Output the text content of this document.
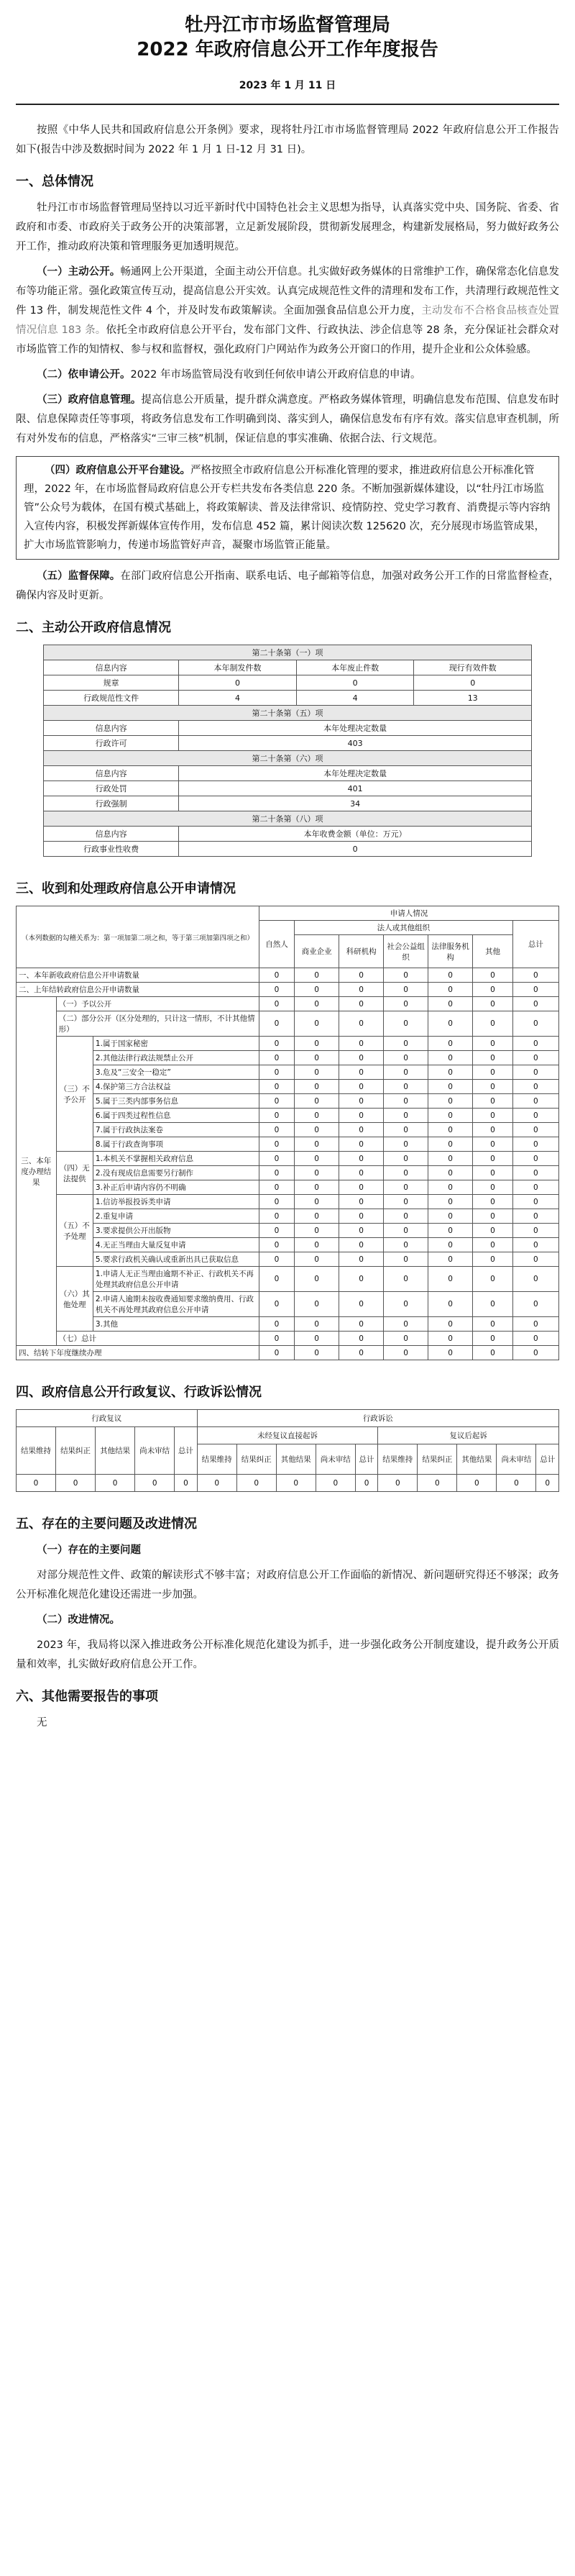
牡丹江市市场监督管理局
2022 年政府信息公开工作年度报告
2023 年 1 月 11 日

按照《中华人民共和国政府信息公开条例》要求，现将牡丹江市市场监督管理局 2022 年政府信息公开工作报告如下(报告中涉及数据时间为 2022 年 1 月 1 日-12 月 31 日)。

一、总体情况

牡丹江市市场监督管理局坚持以习近平新时代中国特色社会主义思想为指导，认真落实党中央、国务院、省委、省政府和市委、市政府关于政务公开的决策部署，立足新发展阶段，贯彻新发展理念，构建新发展格局，努力做好政务公开工作，推动政府决策和管理服务更加透明规范。

（一）主动公开。畅通网上公开渠道，全面主动公开信息。扎实做好政务媒体的日常维护工作，确保常态化信息发布等功能正常。强化政策宣传互动，提高信息公开实效。认真完成规范性文件的清理和发布工作，共清理行政规范性文件 13 件，制发规范性文件 4 个，并及时发布政策解读。全面加强食品信息公开力度，主动发布不合格食品核查处置情况信息 183 条。依托全市政府信息公开平台，发布部门文件、行政执法、涉企信息等 28 条，充分保证社会群众对市场监管工作的知情权、参与权和监督权，强化政府门户网站作为政务公开窗口的作用，提升企业和公众体验感。

（二）依申请公开。2022 年市场监管局没有收到任何依申请公开政府信息的申请。

（三）政府信息管理。提高信息公开质量，提升群众满意度。严格政务媒体管理，明确信息发布范围、信息发布时限、信息保障责任等事项，将政务信息发布工作明确到岗、落实到人，确保信息发布有序有效。落实信息审查机制，所有对外发布的信息，严格落实“三审三核”机制，保证信息的事实准确、依据合法、行文规范。

（四）政府信息公开平台建设。严格按照全市政府信息公开标准化管理的要求，推进政府信息公开标准化管理，2022 年，在市场监督局政府信息公开专栏共发布各类信息 220 条。不断加强新媒体建设，以“牡丹江市场监管”公众号为载体，在国有模式基础上，将政策解读、普及法律常识、疫情防控、党史学习教育、消费提示等内容纳入宣传内容，积极发挥新媒体宣传作用，发布信息 452 篇，累计阅读次数 125620 次，充分展现市场监管成果，扩大市场监管影响力，传递市场监管好声音，凝聚市场监管正能量。

（五）监督保障。在部门政府信息公开指南、联系电话、电子邮箱等信息，加强对政务公开工作的日常监督检查，确保内容及时更新。

二、主动公开政府信息情况
第二十条第（一）项			
信息内容	本年制发件数	本年废止件数	现行有效件数
规章	0	0	0
行政规范性文件	4	4	13
第二十条第（五）项			
信息内容	本年处理决定数量		
行政许可	403		
第二十条第（六）项			
信息内容	本年处理决定数量		
行政处罚	401		
行政强制	34		
第二十条第（八）项			
信息内容	本年收费金额（单位：万元）		
行政事业性收费	0		
三、收到和处理政府信息公开申请情况
（本列数据的勾稽关系为：第一项加第二项之和，等于第三项加第四项之和）			申请人情况						
			自然人	法人或其他组织					总计
				商业企业	科研机构	社会公益组织	法律服务机构	其他	
一、本年新收政府信息公开申请数量			0	0	0	0	0	0	0
二、上年结转政府信息公开申请数量			0	0	0	0	0	0	0
三、本年度办理结果	（一）予以公开		0	0	0	0	0	0	0
	（二）部分公开（区分处理的，只计这一情形，不计其他情形）		0	0	0	0	0	0	0
	（三）不予公开	1.属于国家秘密	0	0	0	0	0	0	0
		2.其他法律行政法规禁止公开	0	0	0	0	0	0	0
		3.危及“三安全一稳定”	0	0	0	0	0	0	0
		4.保护第三方合法权益	0	0	0	0	0	0	0
		5.属于三类内部事务信息	0	0	0	0	0	0	0
		6.属于四类过程性信息	0	0	0	0	0	0	0
		7.属于行政执法案卷	0	0	0	0	0	0	0
		8.属于行政查询事项	0	0	0	0	0	0	0
	（四）无法提供	1.本机关不掌握相关政府信息	0	0	0	0	0	0	0
		2.没有现成信息需要另行制作	0	0	0	0	0	0	0
		3.补正后申请内容仍不明确	0	0	0	0	0	0	0
	（五）不予处理	1.信访举报投诉类申请	0	0	0	0	0	0	0
		2.重复申请	0	0	0	0	0	0	0
		3.要求提供公开出版物	0	0	0	0	0	0	0
		4.无正当理由大量反复申请	0	0	0	0	0	0	0
		5.要求行政机关确认或重新出具已获取信息	0	0	0	0	0	0	0
	（六）其他处理	1.申请人无正当理由逾期不补正、行政机关不再处理其政府信息公开申请	0	0	0	0	0	0	0
		2.申请人逾期未按收费通知要求缴纳费用、行政机关不再处理其政府信息公开申请	0	0	0	0	0	0	0
		3.其他	0	0	0	0	0	0	0
	（七）总计		0	0	0	0	0	0	0
四、结转下年度继续办理			0	0	0	0	0	0	0
四、政府信息公开行政复议、行政诉讼情况
行政复议					行政诉讼									
结果维持	结果纠正	其他结果	尚未审结	总计	未经复议直接起诉					复议后起诉				
					结果维持	结果纠正	其他结果	尚未审结	总计	结果维持	结果纠正	其他结果	尚未审结	总计
0	0	0	0	0	0	0	0	0	0	0	0	0	0	0
五、存在的主要问题及改进情况

（一）存在的主要问题

对部分规范性文件、政策的解读形式不够丰富；对政府信息公开工作面临的新情况、新问题研究得还不够深；政务公开标准化规范化建设还需进一步加强。

（二）改进情况。

2023 年，我局将以深入推进政务公开标准化规范化建设为抓手，进一步强化政务公开制度建设，提升政务公开质量和效率，扎实做好政府信息公开工作。

六、其他需要报告的事项

无
